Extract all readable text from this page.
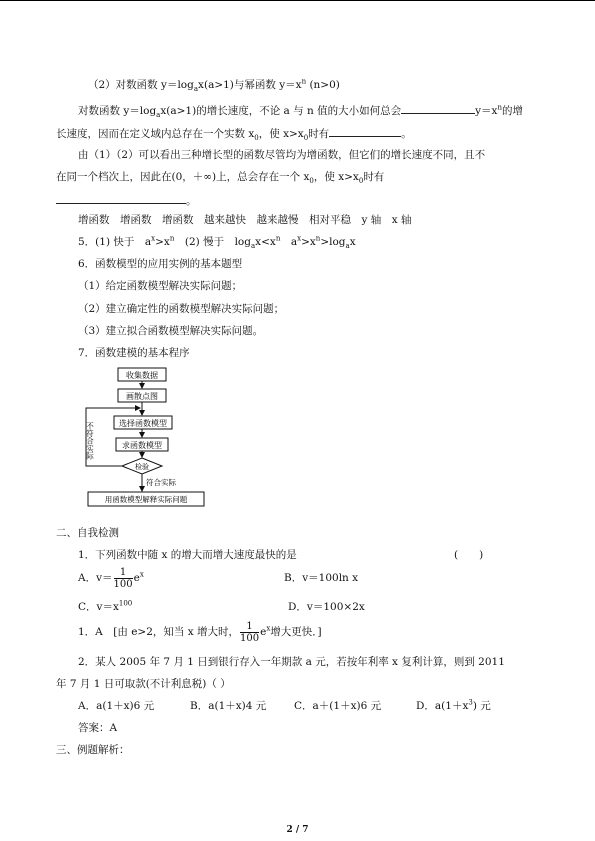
（2）对数函数 $y=\log_ax(a>1)$与幂函数 $y=x^n$ (n>0)
对数函数 $y=\log_ax(a>1)$的增长速度，不论 a 与 n 值的大小如何总会	$y=x^n$的增
长速度，因而在定义域内总存在一个实数 $x_0$，使 $x>x_0$时有	。
由（1）（2）可以看出三种增长型的函数尽管均为增函数，但它们的增长速度不同，且不
在同一个档次上，因此在(0，＋∞)上，总会存在一个 $x_0$，使 $x>x_0$时有
。
增函数　增函数　增函数　越来越快　越来越慢　相对平稳　y 轴　x 轴
5．(1) 快于　$a^x>x^n$　(2) 慢于　$\log_ax<x^n$　$a^x>x^n>\log_ax$
6．函数模型的应用实例的基本题型
（1）给定函数模型解决实际问题；
（2）建立确定性的函数模型解决实际问题；
（3）建立拟合函数模型解决实际问题。
7．函数建模的基本程序
收集数据
画散点图
选择函数模型
求函数模型
检验
符合实际
不符合实际
用函数模型解释实际问题
二、自我检测
1．下列函数中随 x 的增大而增大速度最快的是	(　　)
A．$v= \frac{1}{100} e^x$	B．v＝100ln x
C．$v=x^{100}$	D．v＝100×2x
1．A　[由 e>2，知当 x 增大时， $\frac{1}{100} e^x$增大更快．]
2．某人 2005 年 7 月 1 日到银行存入一年期款 a 元，若按年利率 x 复利计算，则到 2011
年 7 月 1 日可取款(不计利息税)（ ）
A．a(1＋x)6 元	B．a(1＋x)4 元	C．a＋(1＋x)6 元	D．$a(1+x^3)$ 元
答案：A
三、例题解析：
2 / 7
